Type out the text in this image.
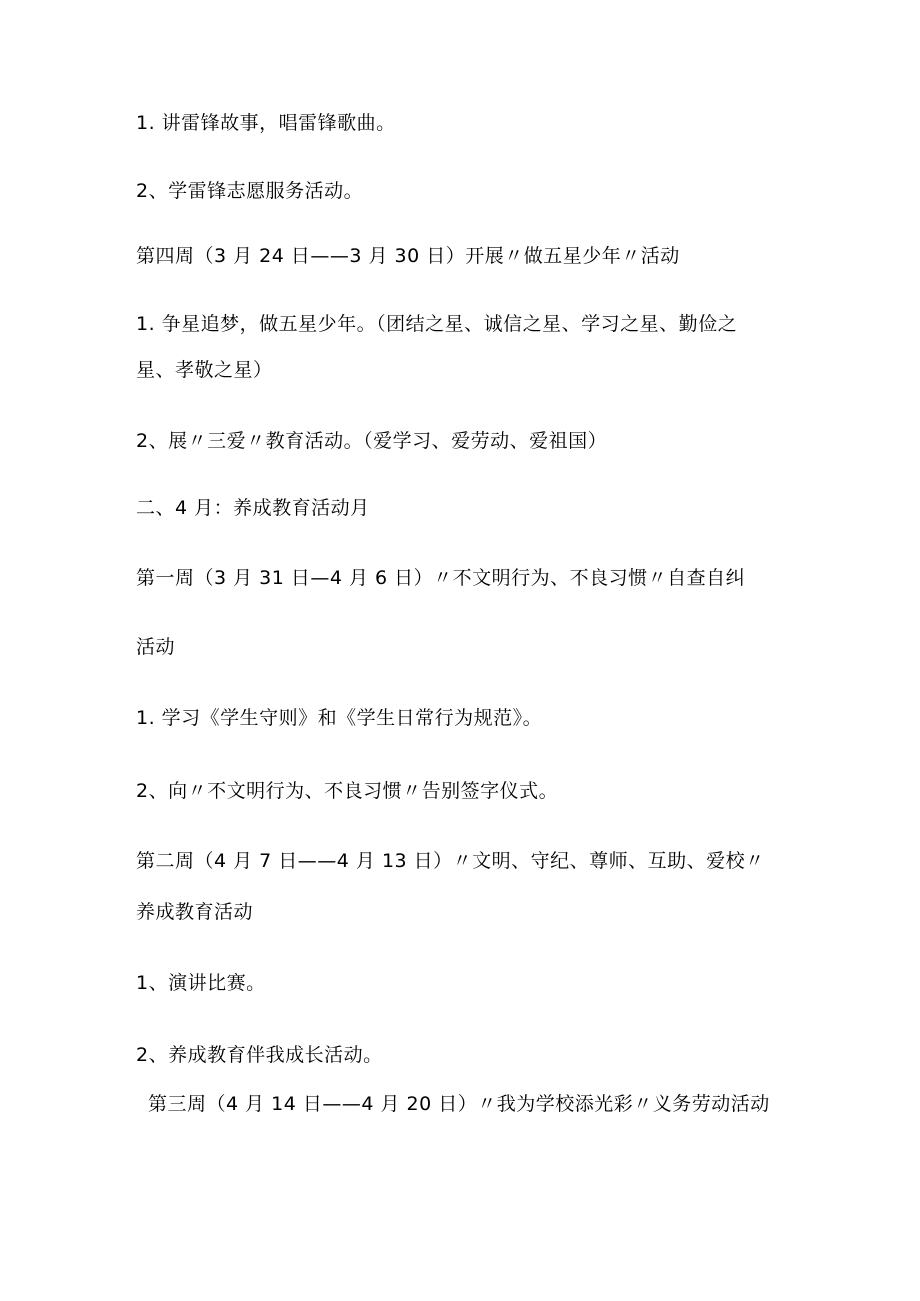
1. 讲雷锋故事，唱雷锋歌曲。
2、学雷锋志愿服务活动。
第四周（3 月 24 日——3 月 30 日）开展〃做五星少年〃活动
1. 争星追梦，做五星少年。（团结之星、诚信之星、学习之星、勤俭之
星、孝敬之星）
2、展〃三爱〃教育活动。（爱学习、爱劳动、爱祖国）
二、4 月：养成教育活动月
第一周（3 月 31 日—4 月 6 日）〃不文明行为、不良习惯〃自查自纠
活动
1. 学习《学生守则》和《学生日常行为规范》。
2、向〃不文明行为、不良习惯〃告别签字仪式。
第二周（4 月 7 日——4 月 13 日）〃文明、守纪、尊师、互助、爱校〃
养成教育活动
1、演讲比赛。
2、养成教育伴我成长活动。
第三周（4 月 14 日——4 月 20 日）〃我为学校添光彩〃义务劳动活动
